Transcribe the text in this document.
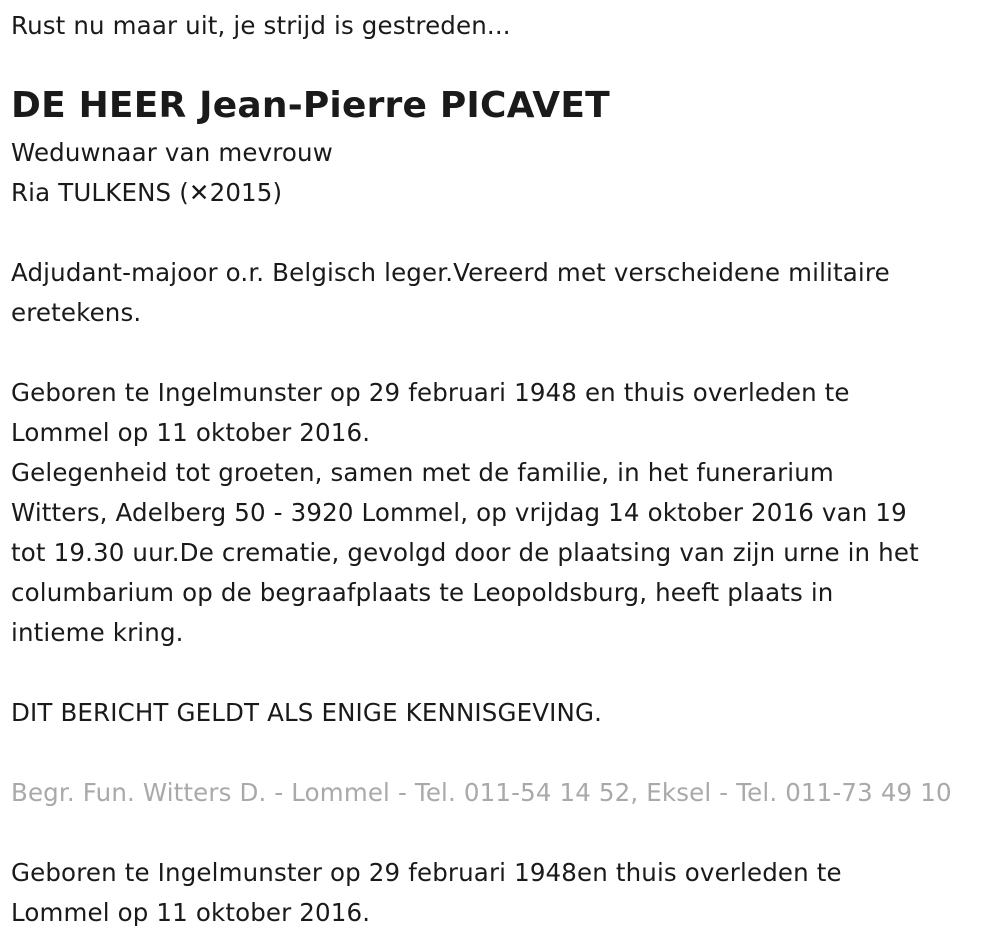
Rust nu maar uit, je strijd is gestreden...
DE HEER Jean-Pierre PICAVET
Weduwnaar van mevrouw
Ria TULKENS (✕2015)
Adjudant-majoor o.r. Belgisch leger.Vereerd met verscheidene militaire
eretekens.
Geboren te Ingelmunster op 29 februari 1948 en thuis overleden te
Lommel op 11 oktober 2016.
Gelegenheid tot groeten, samen met de familie, in het funerarium
Witters, Adelberg 50 - 3920 Lommel, op vrijdag 14 oktober 2016 van 19
tot 19.30 uur.De crematie, gevolgd door de plaatsing van zijn urne in het
columbarium op de begraafplaats te Leopoldsburg, heeft plaats in
intieme kring.
DIT BERICHT GELDT ALS ENIGE KENNISGEVING.
Begr. Fun. Witters D. - Lommel - Tel. 011-54 14 52, Eksel - Tel. 011-73 49 10
Geboren te Ingelmunster op 29 februari 1948en thuis overleden te
Lommel op 11 oktober 2016.
